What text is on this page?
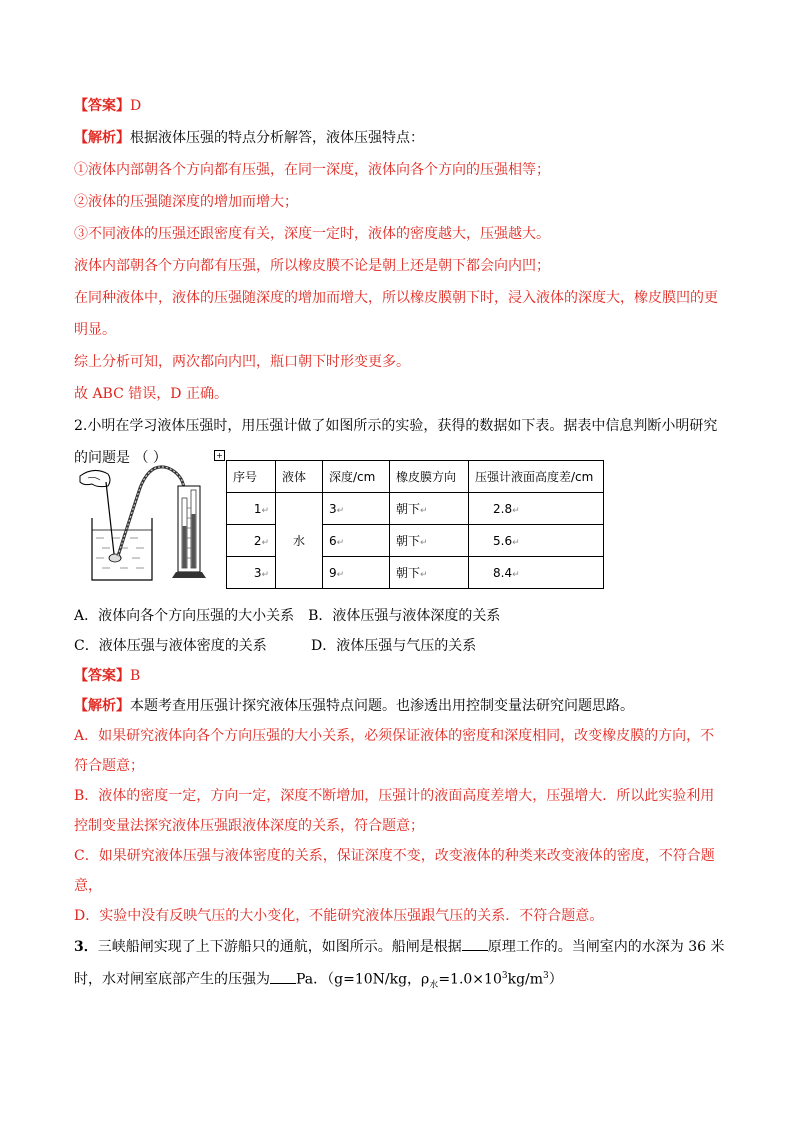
【答案】D
【解析】根据液体压强的特点分析解答，液体压强特点：
①液体内部朝各个方向都有压强，在同一深度，液体向各个方向的压强相等；
②液体的压强随深度的增加而增大；
③不同液体的压强还跟密度有关，深度一定时，液体的密度越大，压强越大。
液体内部朝各个方向都有压强，所以橡皮膜不论是朝上还是朝下都会向内凹；
在同种液体中，液体的压强随深度的增加而增大，所以橡皮膜朝下时，浸入液体的深度大，橡皮膜凹的更
明显。
综上分析可知，两次都向内凹，瓶口朝下时形变更多。
故 ABC 错误，D 正确。
2.小明在学习液体压强时，用压强计做了如图所示的实验，获得的数据如下表。据表中信息判断小明研究
的问题是 （ ）	+
序号	液体	深度/cm	橡皮膜方向	压强计液面高度差/cm
1↵	水	3↵	朝下↵	2.8↵
2↵		6↵	朝下↵	5.6↵
3↵		9↵	朝下↵	8.4↵
A．液体向各个方向压强的大小关系 B．液体压强与液体深度的关系
C．液体压强与液体密度的关系	D．液体压强与气压的关系
【答案】B
【解析】本题考查用压强计探究液体压强特点问题。也渗透出用控制变量法研究问题思路。
A．如果研究液体向各个方向压强的大小关系，必须保证液体的密度和深度相同，改变橡皮膜的方向，不
符合题意；
B．液体的密度一定，方向一定，深度不断增加，压强计的液面高度差增大，压强增大．所以此实验利用
控制变量法探究液体压强跟液体深度的关系，符合题意；
C．如果研究液体压强与液体密度的关系，保证深度不变，改变液体的种类来改变液体的密度，不符合题
意，
D．实验中没有反映气压的大小变化，不能研究液体压强跟气压的关系．不符合题意。
3．三峡船闸实现了上下游船只的通航，如图所示。船闸是根据 原理工作的。当闸室内的水深为 36 米
时，水对闸室底部产生的压强为 Pa．（g=10N/kg，$\rho_水=1.0\times 10^3kg/m^3$）
